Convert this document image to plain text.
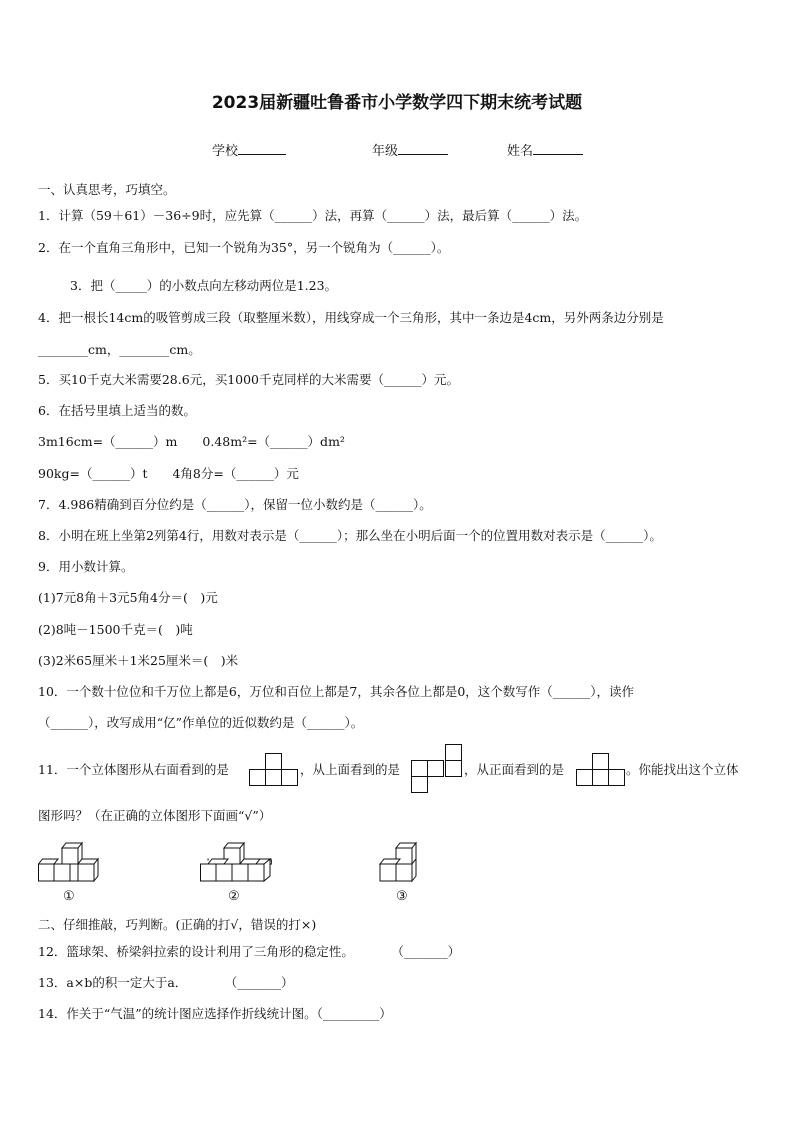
2023届新疆吐鲁番市小学数学四下期末统考试题
学校	年级	姓名
一、认真思考，巧填空。
1．计算（59＋61）－36÷9时，应先算（______）法，再算（______）法，最后算（______）法。
2．在一个直角三角形中，已知一个锐角为35°，另一个锐角为（______）。
3．把（_____）的小数点向左移动两位是1.23。
4．把一根长14cm的吸管剪成三段（取整厘米数），用线穿成一个三角形，其中一条边是4cm，另外两条边分别是
________cm，________cm。
5．买10千克大米需要28.6元，买1000千克同样的大米需要（______）元。
6．在括号里填上适当的数。
3m16cm=（______）m　　0.48m²=（______）dm²
90kg=（______）t　　4角8分=（______）元
7．4.986精确到百分位约是（______），保留一位小数约是（______）。
8．小明在班上坐第2列第4行，用数对表示是（______）；那么坐在小明后面一个的位置用数对表示是（______）。
9．用小数计算。
(1)7元8角＋3元5角4分＝(　)元
(2)8吨－1500千克＝(　)吨
(3)2米65厘米＋1米25厘米＝(　)米
10．一个数十位位和千万位上都是6，万位和百位上都是7，其余各位上都是0，这个数写作（______），读作
（______），改写成用“亿”作单位的近似数约是（______）。
11．一个立体图形从右面看到的是	，从上面看到的是	，从正面看到的是	。你能找出这个立体
图形吗？（在正确的立体图形下面画“√”）
①	②	③
二、仔细推敲，巧判断。(正确的打√，错误的打×)
12．篮球架、桥梁斜拉索的设计利用了三角形的稳定性。　　　　（_______）
13．a×b的积一定大于a．　　　　（_______）
14．作关于“气温”的统计图应选择作折线统计图。（_________）
